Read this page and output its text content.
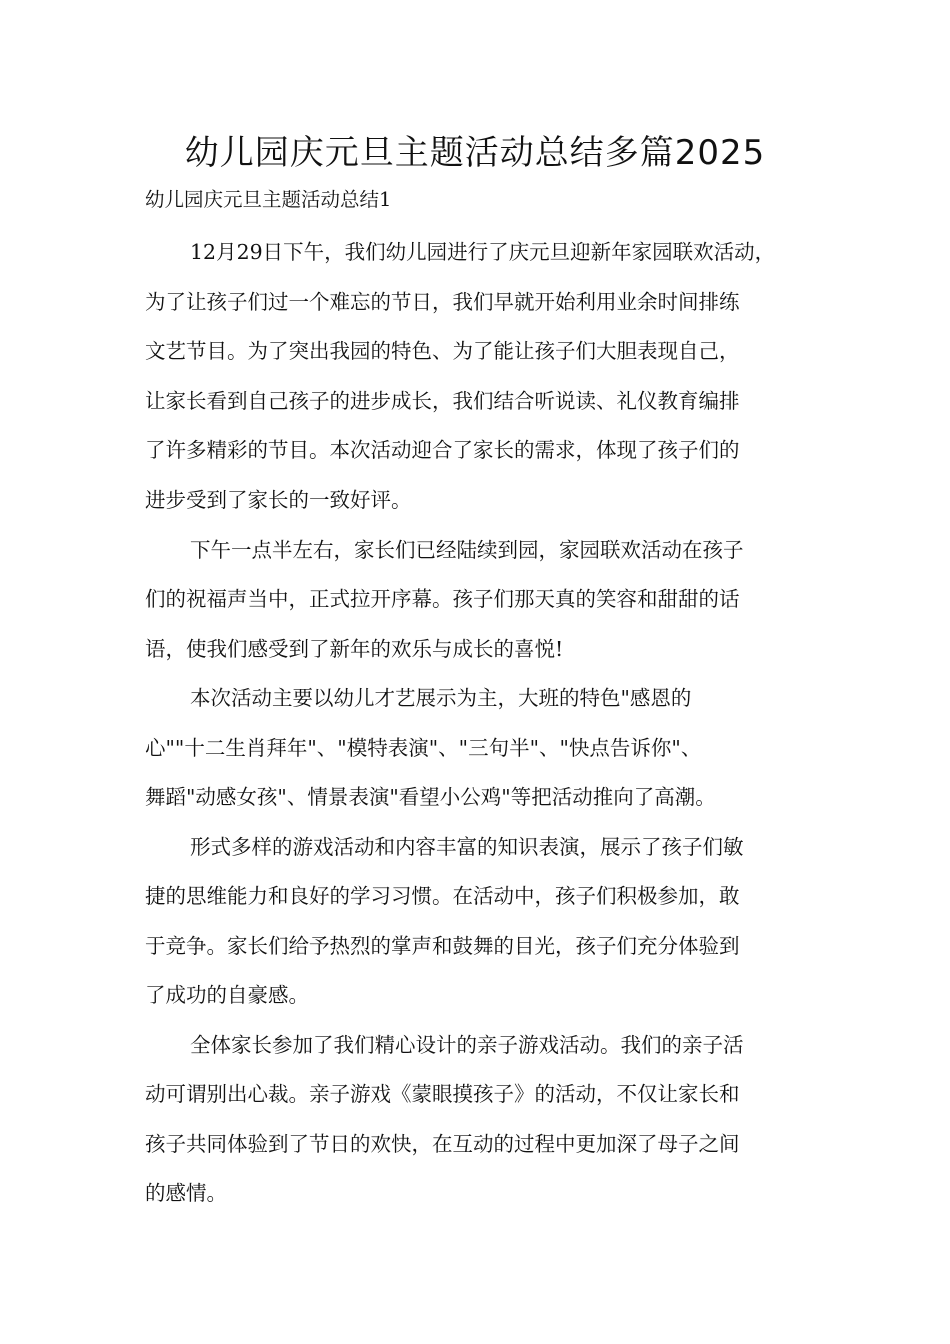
幼儿园庆元旦主题活动总结多篇2025
幼儿园庆元旦主题活动总结1

12月29日下午，我们幼儿园进行了庆元旦迎新年家园联欢活动，

为了让孩子们过一个难忘的节日，我们早就开始利用业余时间排练

文艺节目。为了突出我园的特色、为了能让孩子们大胆表现自己，

让家长看到自己孩子的进步成长，我们结合听说读、礼仪教育编排

了许多精彩的节目。本次活动迎合了家长的需求，体现了孩子们的

进步受到了家长的一致好评。

下午一点半左右，家长们已经陆续到园，家园联欢活动在孩子

们的祝福声当中，正式拉开序幕。孩子们那天真的笑容和甜甜的话

语，使我们感受到了新年的欢乐与成长的喜悦!

本次活动主要以幼儿才艺展示为主，大班的特色"感恩的

心""十二生肖拜年"、"模特表演"、"三句半"、"快点告诉你"、

舞蹈"动感女孩"、情景表演"看望小公鸡"等把活动推向了高潮。

形式多样的游戏活动和内容丰富的知识表演，展示了孩子们敏

捷的思维能力和良好的学习习惯。在活动中，孩子们积极参加，敢

于竞争。家长们给予热烈的掌声和鼓舞的目光，孩子们充分体验到

了成功的自豪感。

全体家长参加了我们精心设计的亲子游戏活动。我们的亲子活

动可谓别出心裁。亲子游戏《蒙眼摸孩子》的活动，不仅让家长和

孩子共同体验到了节日的欢快，在互动的过程中更加深了母子之间

的感情。
